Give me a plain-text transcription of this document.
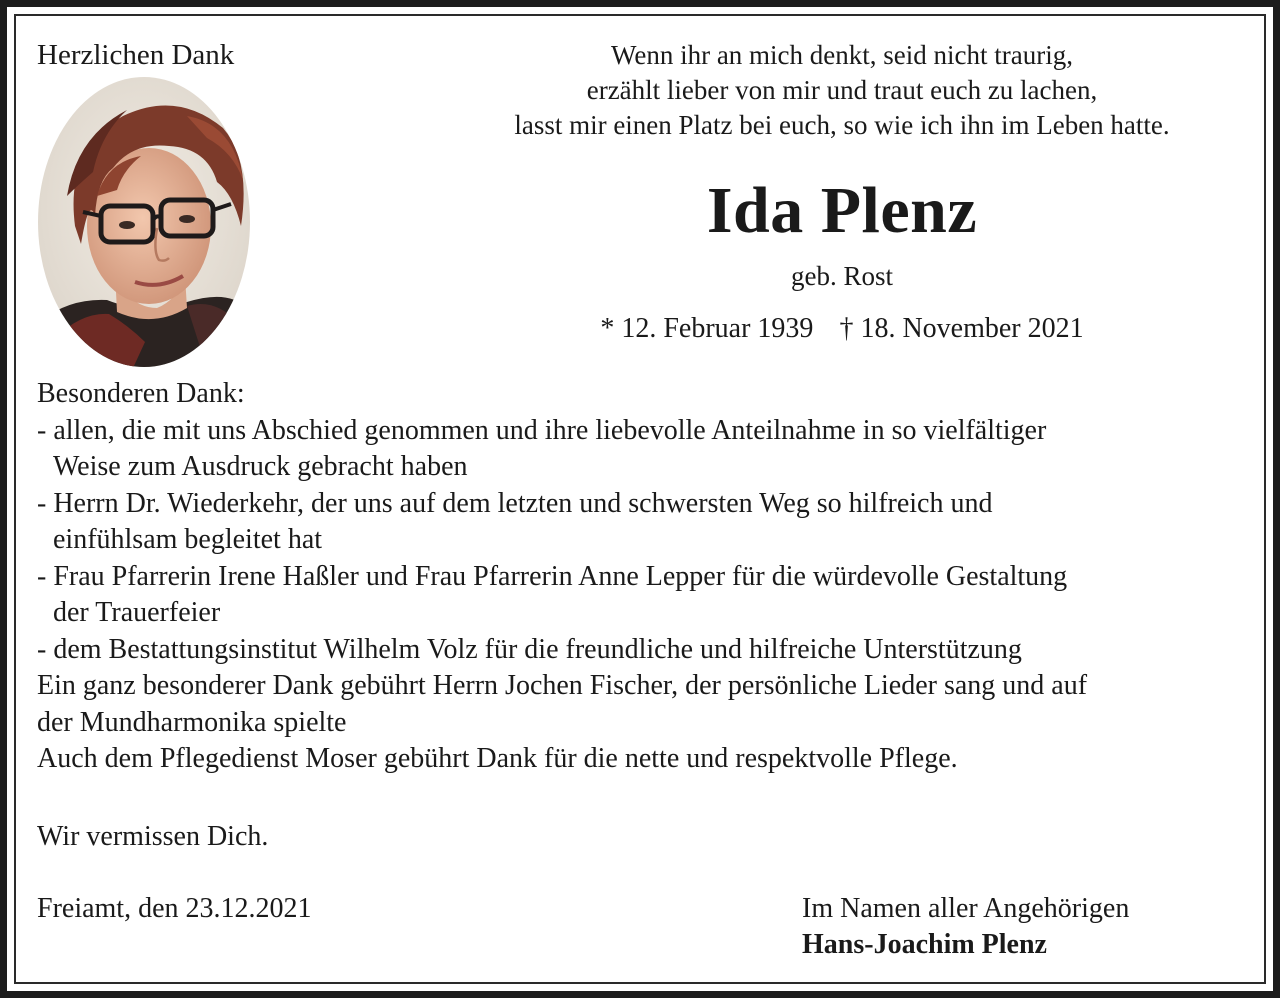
Herzlichen Dank	Wenn ihr an mich denkt, seid nicht traurig,
erzählt lieber von mir und traut euch zu lachen,
lasst mir einen Platz bei euch, so wie ich ihn im Leben hatte.
Ida Plenz
geb. Rost
* 12. Februar 1939 † 18. November 2021
Besonderen Dank:
- allen, die mit uns Abschied genommen und ihre liebevolle Anteilnahme in so vielfältiger
Weise zum Ausdruck gebracht haben
- Herrn Dr. Wiederkehr, der uns auf dem letzten und schwersten Weg so hilfreich und
einfühlsam begleitet hat
- Frau Pfarrerin Irene Haßler und Frau Pfarrerin Anne Lepper für die würdevolle Gestaltung
der Trauerfeier
- dem Bestattungsinstitut Wilhelm Volz für die freundliche und hilfreiche Unterstützung
Ein ganz besonderer Dank gebührt Herrn Jochen Fischer, der persönliche Lieder sang und auf
der Mundharmonika spielte
Auch dem Pflegedienst Moser gebührt Dank für die nette und respektvolle Pflege.
Wir vermissen Dich.
Freiamt, den 23.12.2021	Im Namen aller Angehörigen
Hans-Joachim Plenz
